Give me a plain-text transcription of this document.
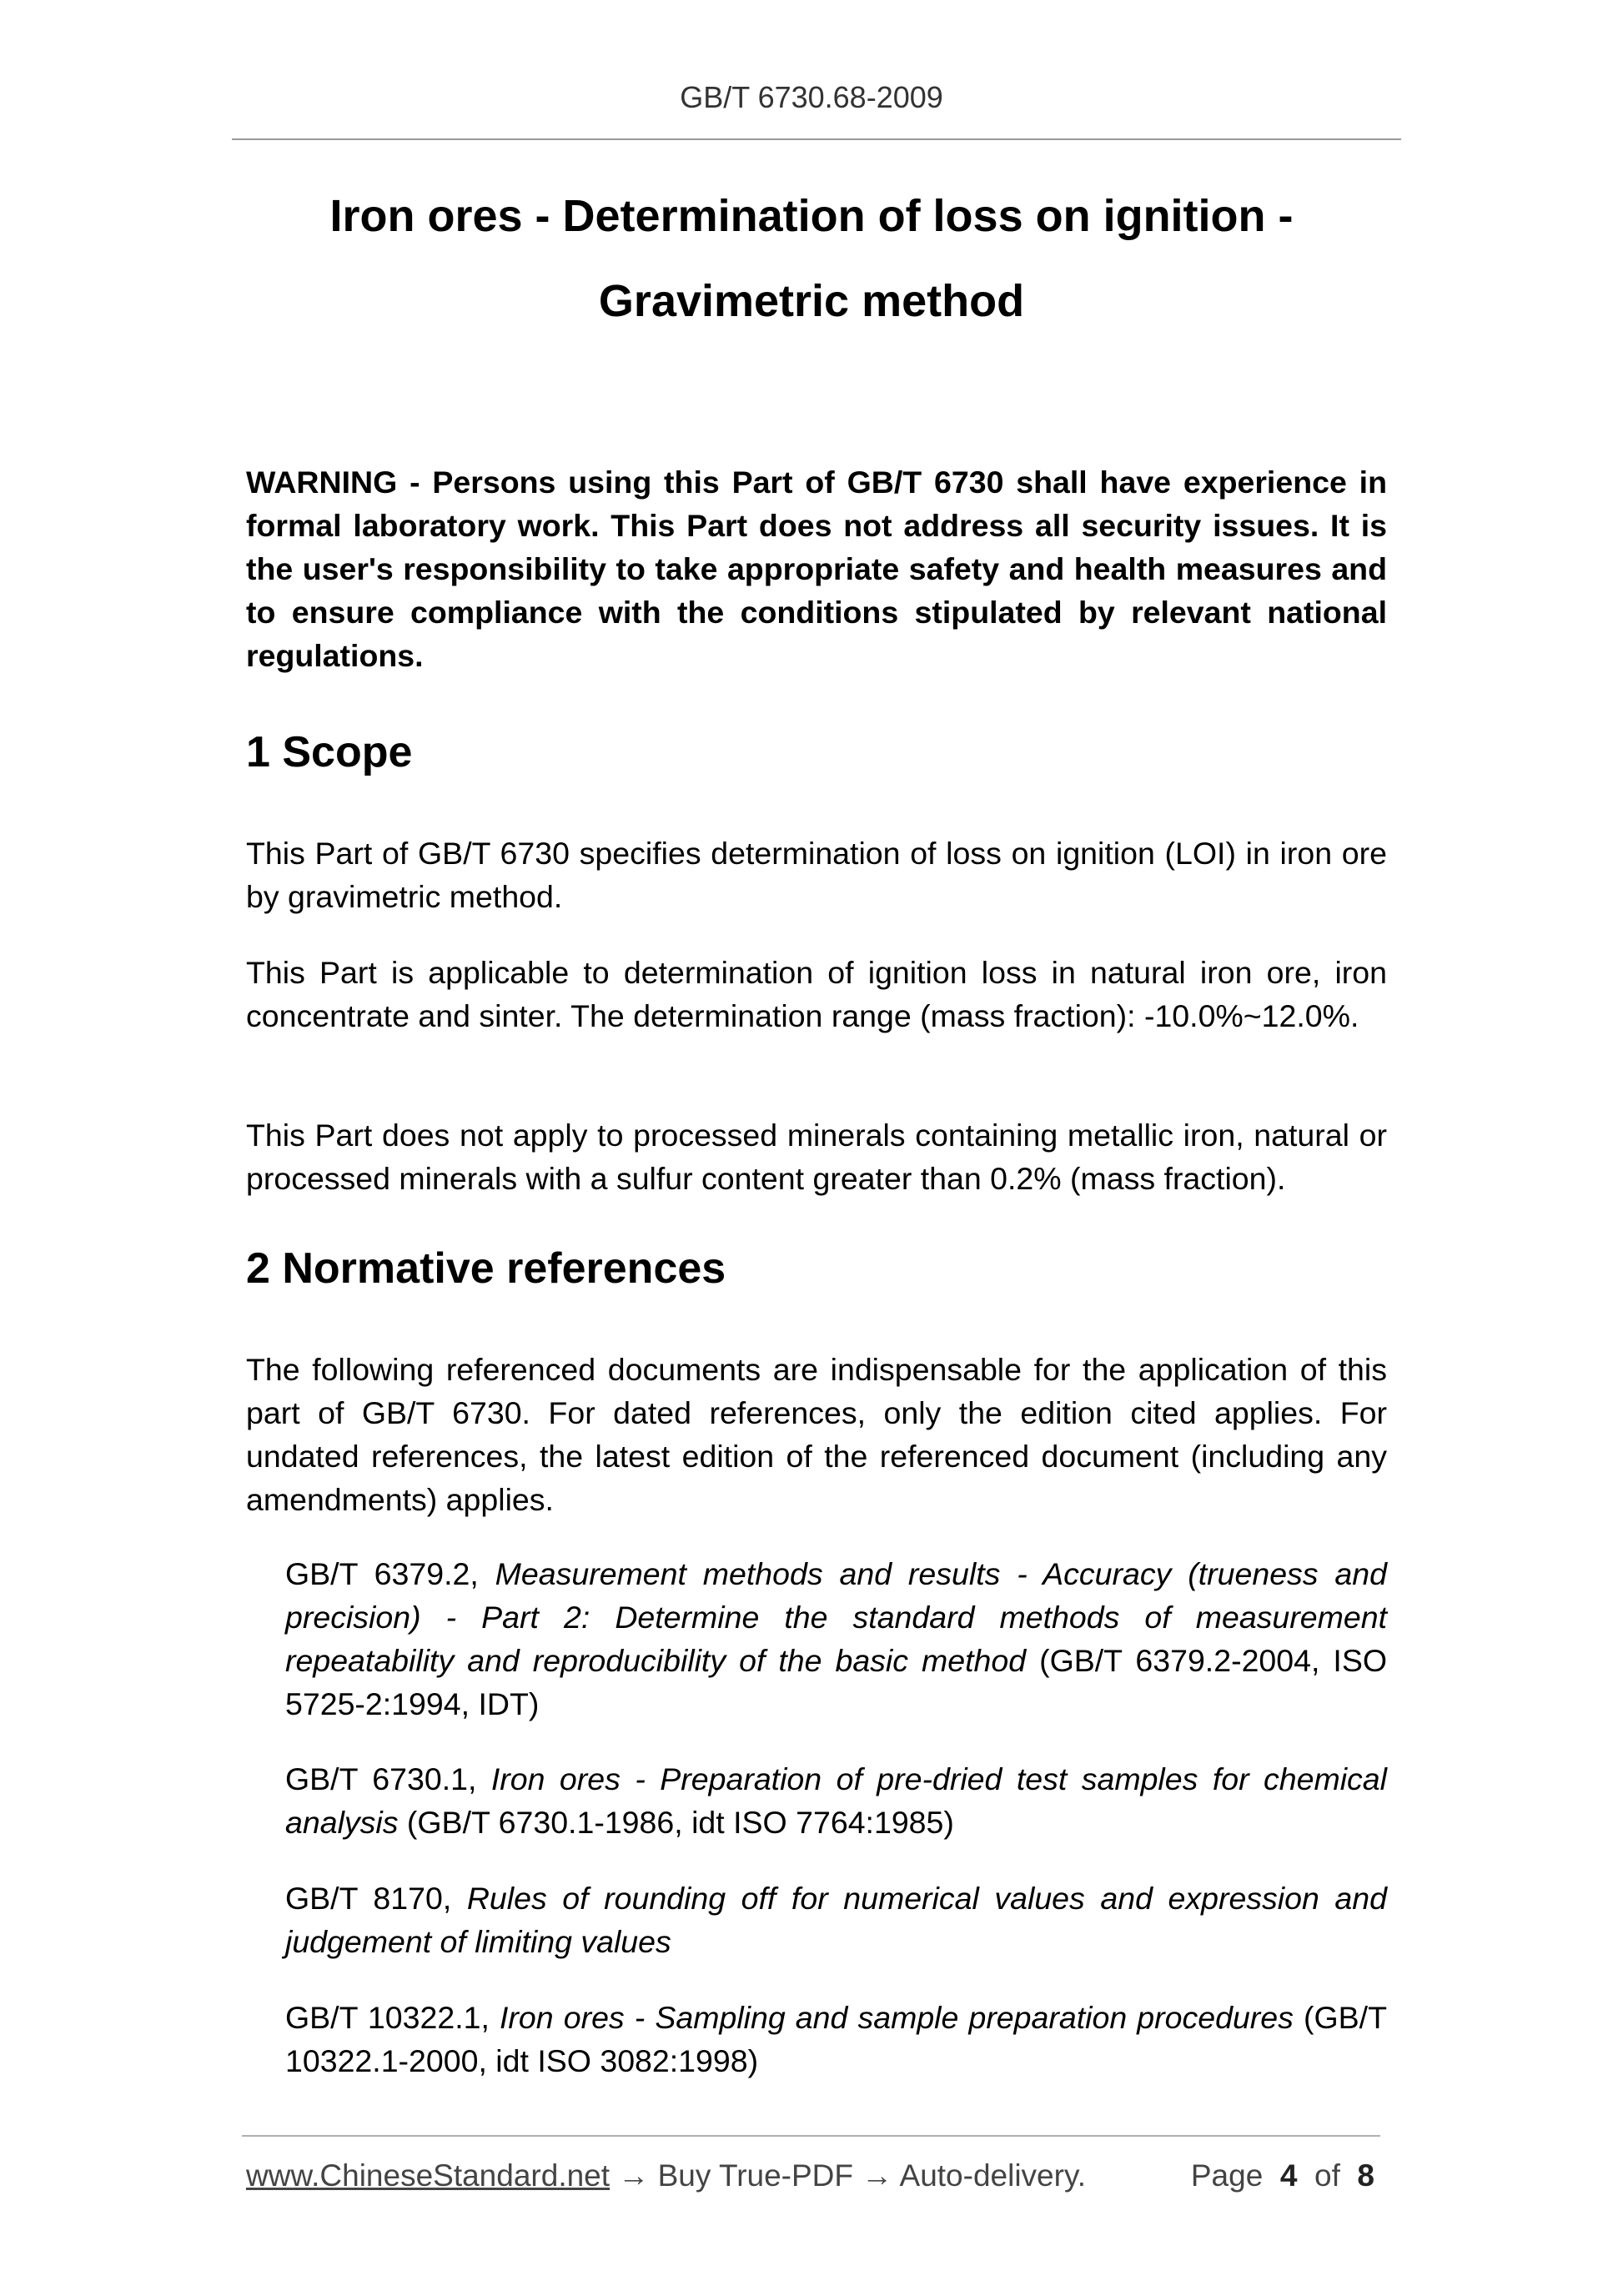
GB/T 6730.68-2009
Iron ores - Determination of loss on ignition -
Gravimetric method
WARNING - Persons using this Part of GB/T 6730 shall have experience in formal laboratory work. This Part does not address all security issues. It is the user's responsibility to take appropriate safety and health measures and to ensure compliance with the conditions stipulated by relevant national regulations.
1 Scope
This Part of GB/T 6730 specifies determination of loss on ignition (LOI) in iron ore by gravimetric method.
This Part is applicable to determination of ignition loss in natural iron ore, iron concentrate and sinter. The determination range (mass fraction): -10.0%~12.0%.
This Part does not apply to processed minerals containing metallic iron, natural or processed minerals with a sulfur content greater than 0.2% (mass fraction).
2 Normative references
The following referenced documents are indispensable for the application of this part of GB/T 6730. For dated references, only the edition cited applies. For undated references, the latest edition of the referenced document (including any amendments) applies.
GB/T 6379.2, Measurement methods and results - Accuracy (trueness and precision) - Part 2: Determine the standard methods of measurement repeatability and reproducibility of the basic method (GB/T 6379.2-2004, ISO 5725-2:1994, IDT)
GB/T 6730.1, Iron ores - Preparation of pre-dried test samples for chemical analysis (GB/T 6730.1-1986, idt ISO 7764:1985)
GB/T 8170, Rules of rounding off for numerical values and expression and judgement of limiting values
GB/T 10322.1, Iron ores - Sampling and sample preparation procedures (GB/T 10322.1-2000, idt ISO 3082:1998)
www.ChineseStandard.net → Buy True-PDF → Auto-delivery.	Page 4 of 8
